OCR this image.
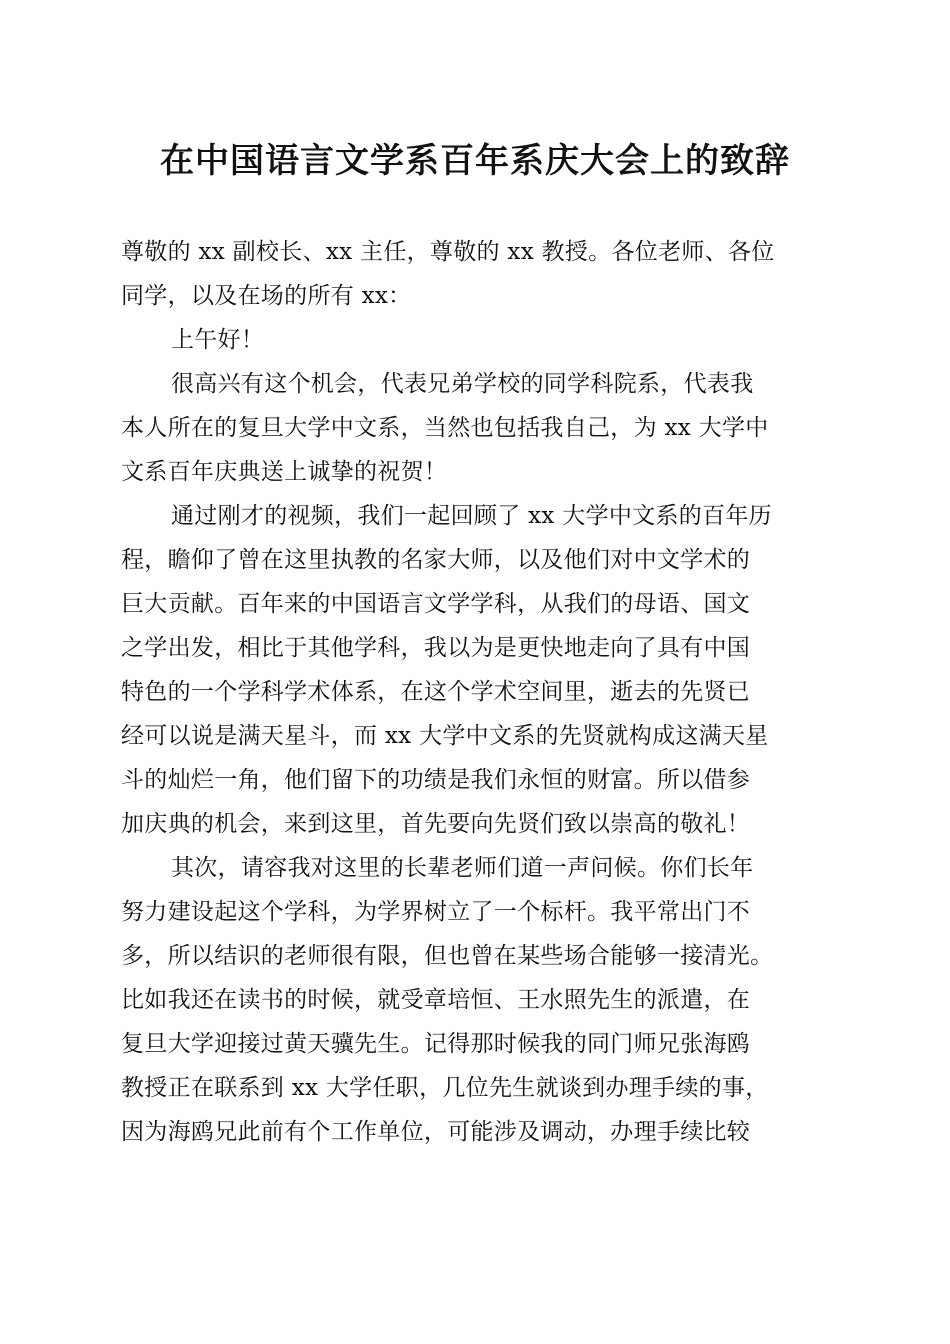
在中国语言文学系百年系庆大会上的致辞
尊敬的 xx 副校长、xx 主任，尊敬的 xx 教授。各位老师、各位
同学，以及在场的所有 xx：
上午好！
很高兴有这个机会，代表兄弟学校的同学科院系，代表我
本人所在的复旦大学中文系，当然也包括我自己，为 xx 大学中
文系百年庆典送上诚挚的祝贺！
通过刚才的视频，我们一起回顾了 xx 大学中文系的百年历
程，瞻仰了曾在这里执教的名家大师，以及他们对中文学术的
巨大贡献。百年来的中国语言文学学科，从我们的母语、国文
之学出发，相比于其他学科，我以为是更快地走向了具有中国
特色的一个学科学术体系，在这个学术空间里，逝去的先贤已
经可以说是满天星斗，而 xx 大学中文系的先贤就构成这满天星
斗的灿烂一角，他们留下的功绩是我们永恒的财富。所以借参
加庆典的机会，来到这里，首先要向先贤们致以崇高的敬礼！
其次，请容我对这里的长辈老师们道一声问候。你们长年
努力建设起这个学科，为学界树立了一个标杆。我平常出门不
多，所以结识的老师很有限，但也曾在某些场合能够一接清光。
比如我还在读书的时候，就受章培恒、王水照先生的派遣，在
复旦大学迎接过黄天骥先生。记得那时候我的同门师兄张海鸥
教授正在联系到 xx 大学任职，几位先生就谈到办理手续的事，
因为海鸥兄此前有个工作单位，可能涉及调动，办理手续比较
